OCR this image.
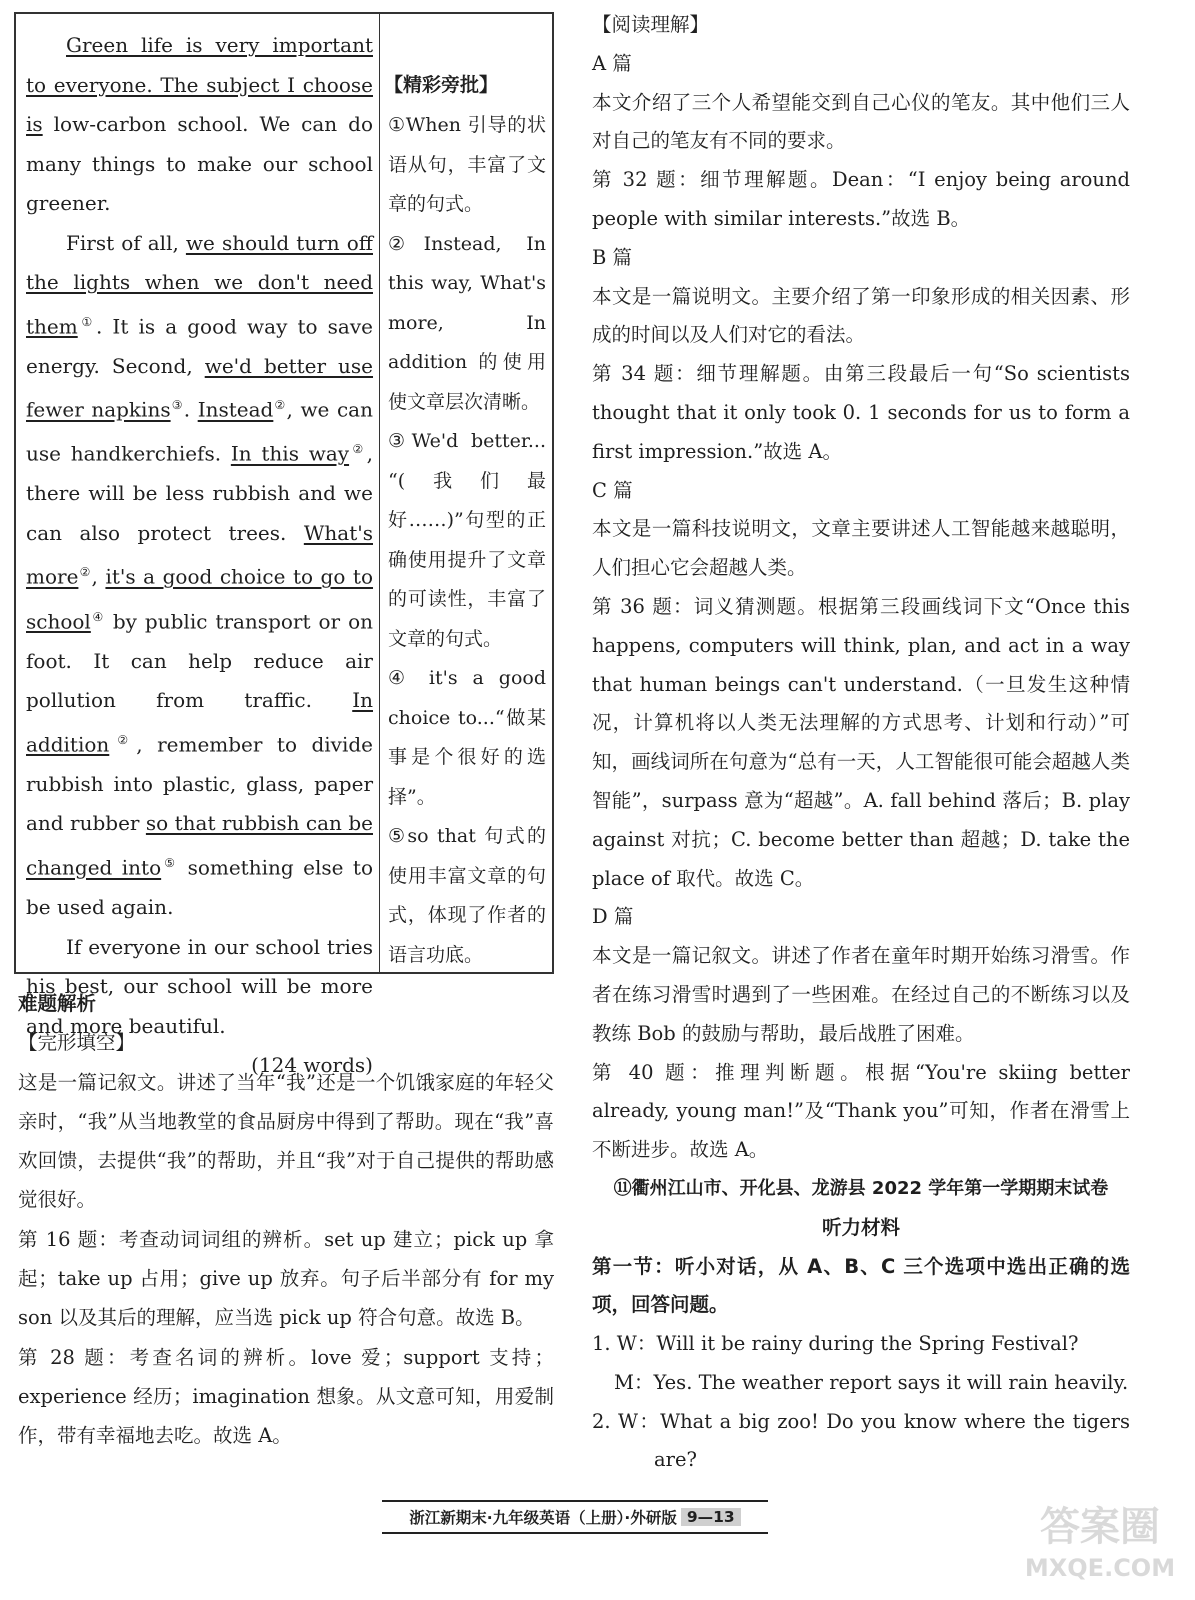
Green life is very important to everyone. The subject I choose is low-carbon school. We can do many things to make our school greener.

First of all, we should turn off the lights when we don't need them①. It is a good way to save energy. Second, we'd better use fewer napkins③. Instead②, we can use handkerchiefs. In this way②, there will be less rubbish and we can also protect trees. What's more②, it's a good choice to go to school④ by public transport or on foot. It can help reduce air pollution from traffic. In addition②, remember to divide rubbish into plastic, glass, paper and rubber so that rubbish can be changed into⑤ something else to be used again.

If everyone in our school tries his best, our school will be more and more beautiful.

(124 words)

【精彩旁批】

①When 引导的状语从句，丰富了文章的句式。

②Instead, In this way, What's more, In addition 的使用使文章层次清晰。

③We'd better... “(我们最好……)”句型的正确使用提升了文章的可读性，丰富了文章的句式。

④ it's a good choice to...“做某事是个很好的选择”。

⑤so that 句式的使用丰富文章的句式，体现了作者的语言功底。

难题解析

【完形填空】

这是一篇记叙文。讲述了当年“我”还是一个饥饿家庭的年轻父亲时，“我”从当地教堂的食品厨房中得到了帮助。现在“我”喜欢回馈，去提供“我”的帮助，并且“我”对于自己提供的帮助感觉很好。

第 16 题：考查动词词组的辨析。set up 建立；pick up 拿起；take up 占用；give up 放弃。句子后半部分有 for my son 以及其后的理解，应当选 pick up 符合句意。故选 B。

第 28 题：考查名词的辨析。love 爱；support 支持；experience 经历；imagination 想象。从文意可知，用爱制作，带有幸福地去吃。故选 A。

【阅读理解】

A 篇

本文介绍了三个人希望能交到自己心仪的笔友。其中他们三人对自己的笔友有不同的要求。

第 32 题：细节理解题。Dean：“I enjoy being around people with similar interests.”故选 B。

B 篇

本文是一篇说明文。主要介绍了第一印象形成的相关因素、形成的时间以及人们对它的看法。

第 34 题：细节理解题。由第三段最后一句“So scientists thought that it only took 0. 1 seconds for us to form a first impression.”故选 A。

C 篇

本文是一篇科技说明文，文章主要讲述人工智能越来越聪明，人们担心它会超越人类。

第 36 题：词义猜测题。根据第三段画线词下文“Once this happens, computers will think, plan, and act in a way that human beings can't understand.（一旦发生这种情况，计算机将以人类无法理解的方式思考、计划和行动）”可知，画线词所在句意为“总有一天，人工智能很可能会超越人类智能”，surpass 意为“超越”。A. fall behind 落后；B. play against 对抗；C. become better than 超越；D. take the place of 取代。故选 C。

D 篇

本文是一篇记叙文。讲述了作者在童年时期开始练习滑雪。作者在练习滑雪时遇到了一些困难。在经过自己的不断练习以及教练 Bob 的鼓励与帮助，最后战胜了困难。

第 40 题：推理判断题。根据“You're skiing better already, young man!”及“Thank you”可知，作者在滑雪上不断进步。故选 A。

⑪衢州江山市、开化县、龙游县 2022 学年第一学期期末试卷

听力材料

第一节：听小对话，从 A、B、C 三个选项中选出正确的选项，回答问题。

1. W：Will it be rainy during the Spring Festival?

M：Yes. The weather report says it will rain heavily.

2. W：What a big zoo! Do you know where the tigers are?

浙江新期末·九年级英语（上册）·外研版 9—13	答案圈
MXQE.COM
